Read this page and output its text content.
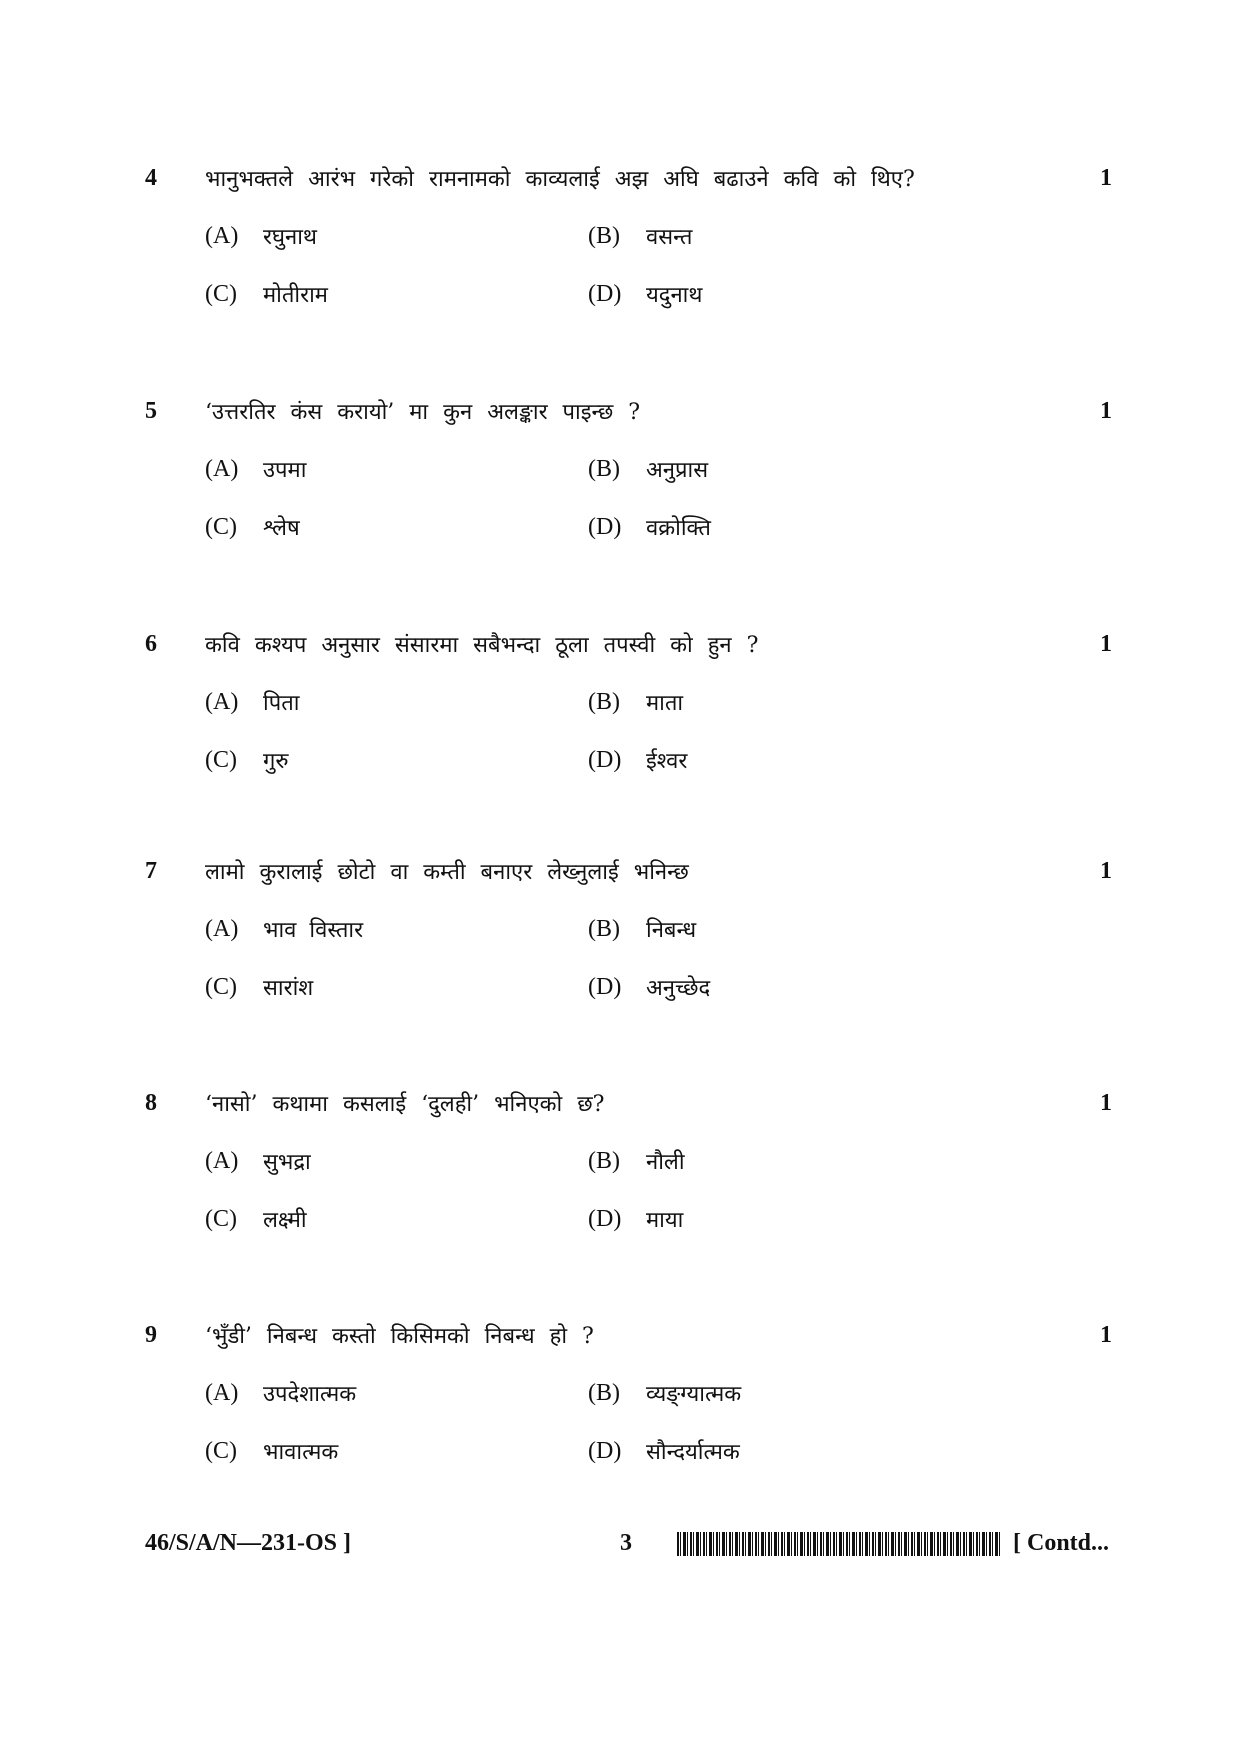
4 भानुभक्तले आरंभ गरेको रामनामको काव्यलाई अझ अघि बढाउने कवि को थिए?	1
(A) रघुनाथ	(B) वसन्त
(C) मोतीराम	(D) यदुनाथ
5 ‘उत्तरतिर कंस करायो’ मा कुन अलङ्कार पाइन्छ ?	1
(A) उपमा	(B) अनुप्रास
(C) श्लेष	(D) वक्रोक्ति
6 कवि कश्यप अनुसार संसारमा सबैभन्दा ठूला तपस्वी को हुन ?	1
(A) पिता	(B) माता
(C) गुरु	(D) ईश्वर
7 लामो कुरालाई छोटो वा कम्ती बनाएर लेख्नुलाई भनिन्छ	1
(A) भाव विस्तार	(B) निबन्ध
(C) सारांश	(D) अनुच्छेद
8 ‘नासो’ कथामा कसलाई ‘दुलही’ भनिएको छ?	1
(A) सुभद्रा	(B) नौली
(C) लक्ष्मी	(D) माया
9 ‘भुँडी’ निबन्ध कस्तो किसिमको निबन्ध हो ?	1
(A) उपदेशात्मक	(B) व्यङ्ग्यात्मक
(C) भावात्मक	(D) सौन्दर्यात्मक
46/S/A/N—231-OS ]	3	[ Contd...
